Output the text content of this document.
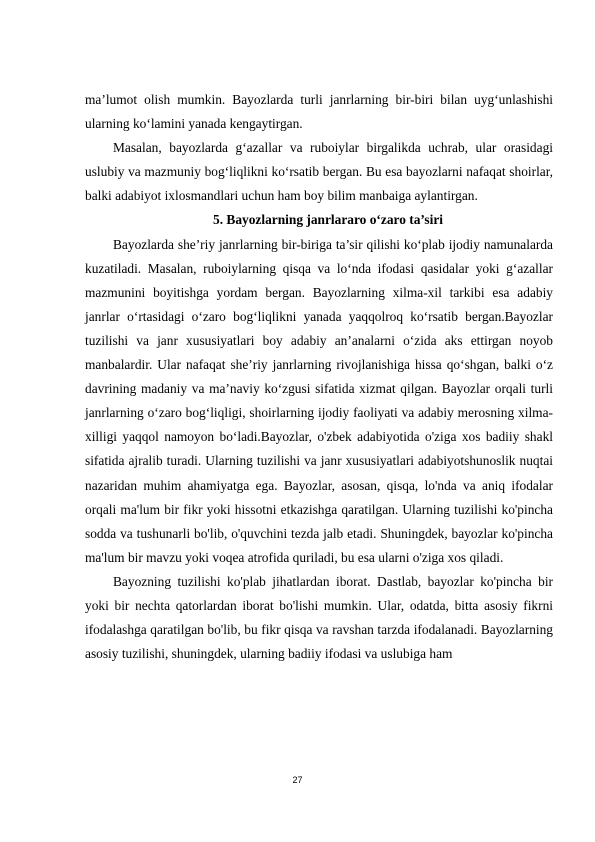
ma’lumot olish mumkin. Bayozlarda turli janrlarning bir-biri bilan uyg‘unlashishi ularning ko‘lamini yanada kengaytirgan.

Masalan, bayozlarda g‘azallar va ruboiylar birgalikda uchrab, ular orasidagi uslubiy va mazmuniy bog‘liqlikni ko‘rsatib bergan. Bu esa bayozlarni nafaqat shoirlar, balki adabiyot ixlosmandlari uchun ham boy bilim manbaiga aylantirgan.

5. Bayozlarning janrlararo o‘zaro ta’siri

Bayozlarda she’riy janrlarning bir-biriga ta’sir qilishi ko‘plab ijodiy namunalarda kuzatiladi. Masalan, ruboiylarning qisqa va lo‘nda ifodasi qasidalar yoki g‘azallar mazmunini boyitishga yordam bergan. Bayozlarning xilma-xil tarkibi esa adabiy janrlar o‘rtasidagi o‘zaro bog‘liqlikni yanada yaqqolroq ko‘rsatib bergan.Bayozlar tuzilishi va janr xususiyatlari boy adabiy an’analarni o‘zida aks ettirgan noyob manbalardir. Ular nafaqat she’riy janrlarning rivojlanishiga hissa qo‘shgan, balki o‘z davrining madaniy va ma’naviy ko‘zgusi sifatida xizmat qilgan. Bayozlar orqali turli janrlarning o‘zaro bog‘liqligi, shoirlarning ijodiy faoliyati va adabiy merosning xilma-xilligi yaqqol namoyon bo‘ladi.Bayozlar, o'zbek adabiyotida o'ziga xos badiiy shakl sifatida ajralib turadi. Ularning tuzilishi va janr xususiyatlari adabiyotshunoslik nuqtai nazaridan muhim ahamiyatga ega. Bayozlar, asosan, qisqa, lo'nda va aniq ifodalar orqali ma'lum bir fikr yoki hissotni etkazishga qaratilgan. Ularning tuzilishi ko'pincha sodda va tushunarli bo'lib, o'quvchini tezda jalb etadi. Shuningdek, bayozlar ko'pincha ma'lum bir mavzu yoki voqea atrofida quriladi, bu esa ularni o'ziga xos qiladi.

Bayozning tuzilishi ko'plab jihatlardan iborat. Dastlab, bayozlar ko'pincha bir yoki bir nechta qatorlardan iborat bo'lishi mumkin. Ular, odatda, bitta asosiy fikrni ifodalashga qaratilgan bo'lib, bu fikr qisqa va ravshan tarzda ifodalanadi. Bayozlarning asosiy tuzilishi, shuningdek, ularning badiiy ifodasi va uslubiga ham

27
